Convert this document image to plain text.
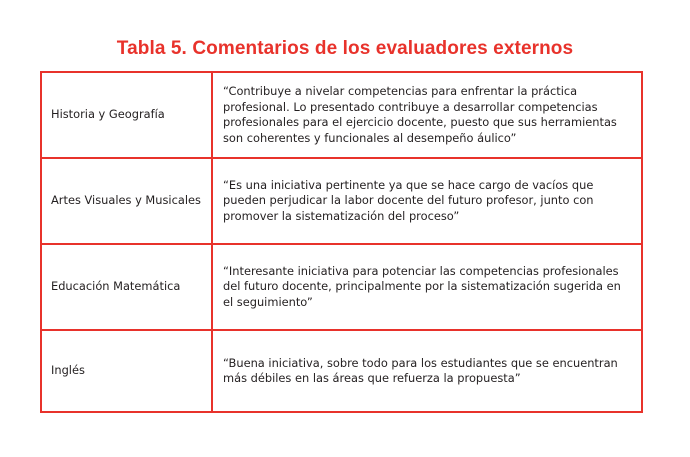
Tabla 5. Comentarios de los evaluadores externos
Historia y Geografía
“Contribuye a nivelar competencias para enfrentar la práctica profesional. Lo presentado contribuye a desarrollar competencias profesionales para el ejercicio docente, puesto que sus herramientas son coherentes y funcionales al desempeño áulico”
Artes Visuales y Musicales
“Es una iniciativa pertinente ya que se hace cargo de vacíos que pueden perjudicar la labor docente del futuro profesor, junto con promover la sistematización del proceso”
Educación Matemática
“Interesante iniciativa para potenciar las competencias profesionales del futuro docente, principalmente por la sistematización sugerida en el seguimiento”
Inglés
“Buena iniciativa, sobre todo para los estudiantes que se encuentran más débiles en las áreas que refuerza la propuesta”
